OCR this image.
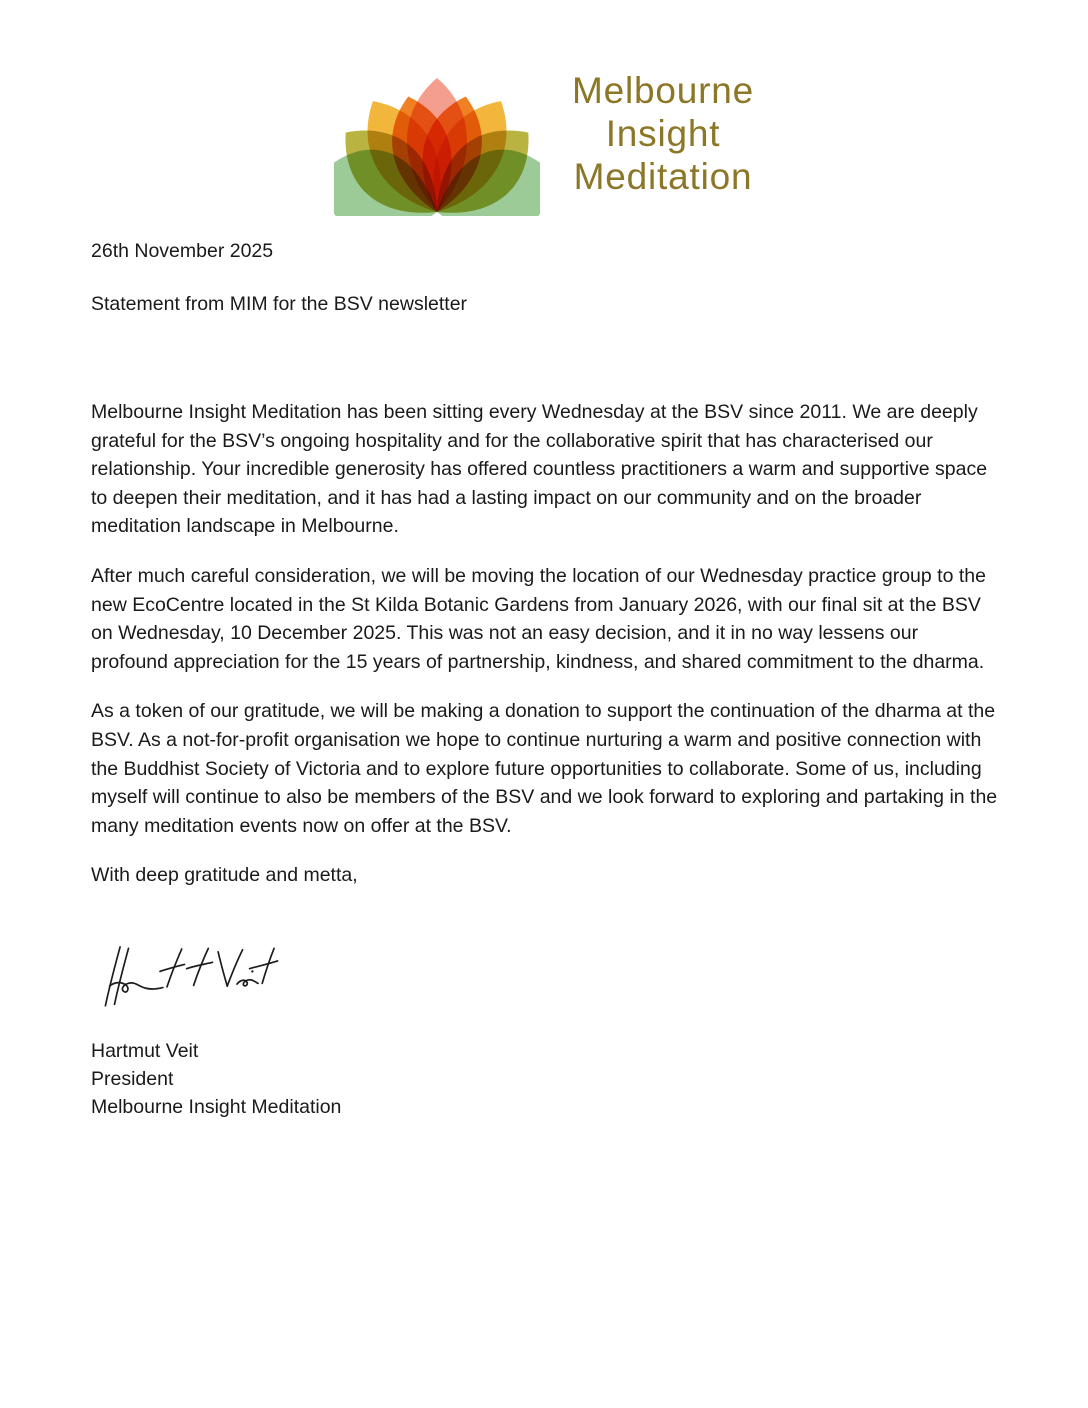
Melbourne
Insight
Meditation
26th November 2025
Statement from MIM for the BSV newsletter

Melbourne Insight Meditation has been sitting every Wednesday at the BSV since 2011. We are deeply grateful for the BSV’s ongoing hospitality and for the collaborative spirit that has characterised our relationship. Your incredible generosity has offered countless practitioners a warm and supportive space to deepen their meditation, and it has had a lasting impact on our community and on the broader meditation landscape in Melbourne.

After much careful consideration, we will be moving the location of our Wednesday practice group to the new EcoCentre located in the St Kilda Botanic Gardens from January 2026, with our final sit at the BSV on Wednesday, 10 December 2025. This was not an easy decision, and it in no way lessens our profound appreciation for the 15 years of partnership, kindness, and shared commitment to the dharma.

As a token of our gratitude, we will be making a donation to support the continuation of the dharma at the BSV. As a not-for-profit organisation we hope to continue nurturing a warm and positive connection with the Buddhist Society of Victoria and to explore future opportunities to collaborate. Some of us, including myself will continue to also be members of the BSV and we look forward to exploring and partaking in the many meditation events now on offer at the BSV.

With deep gratitude and metta,

Hartmut Veit
President
Melbourne Insight Meditation
